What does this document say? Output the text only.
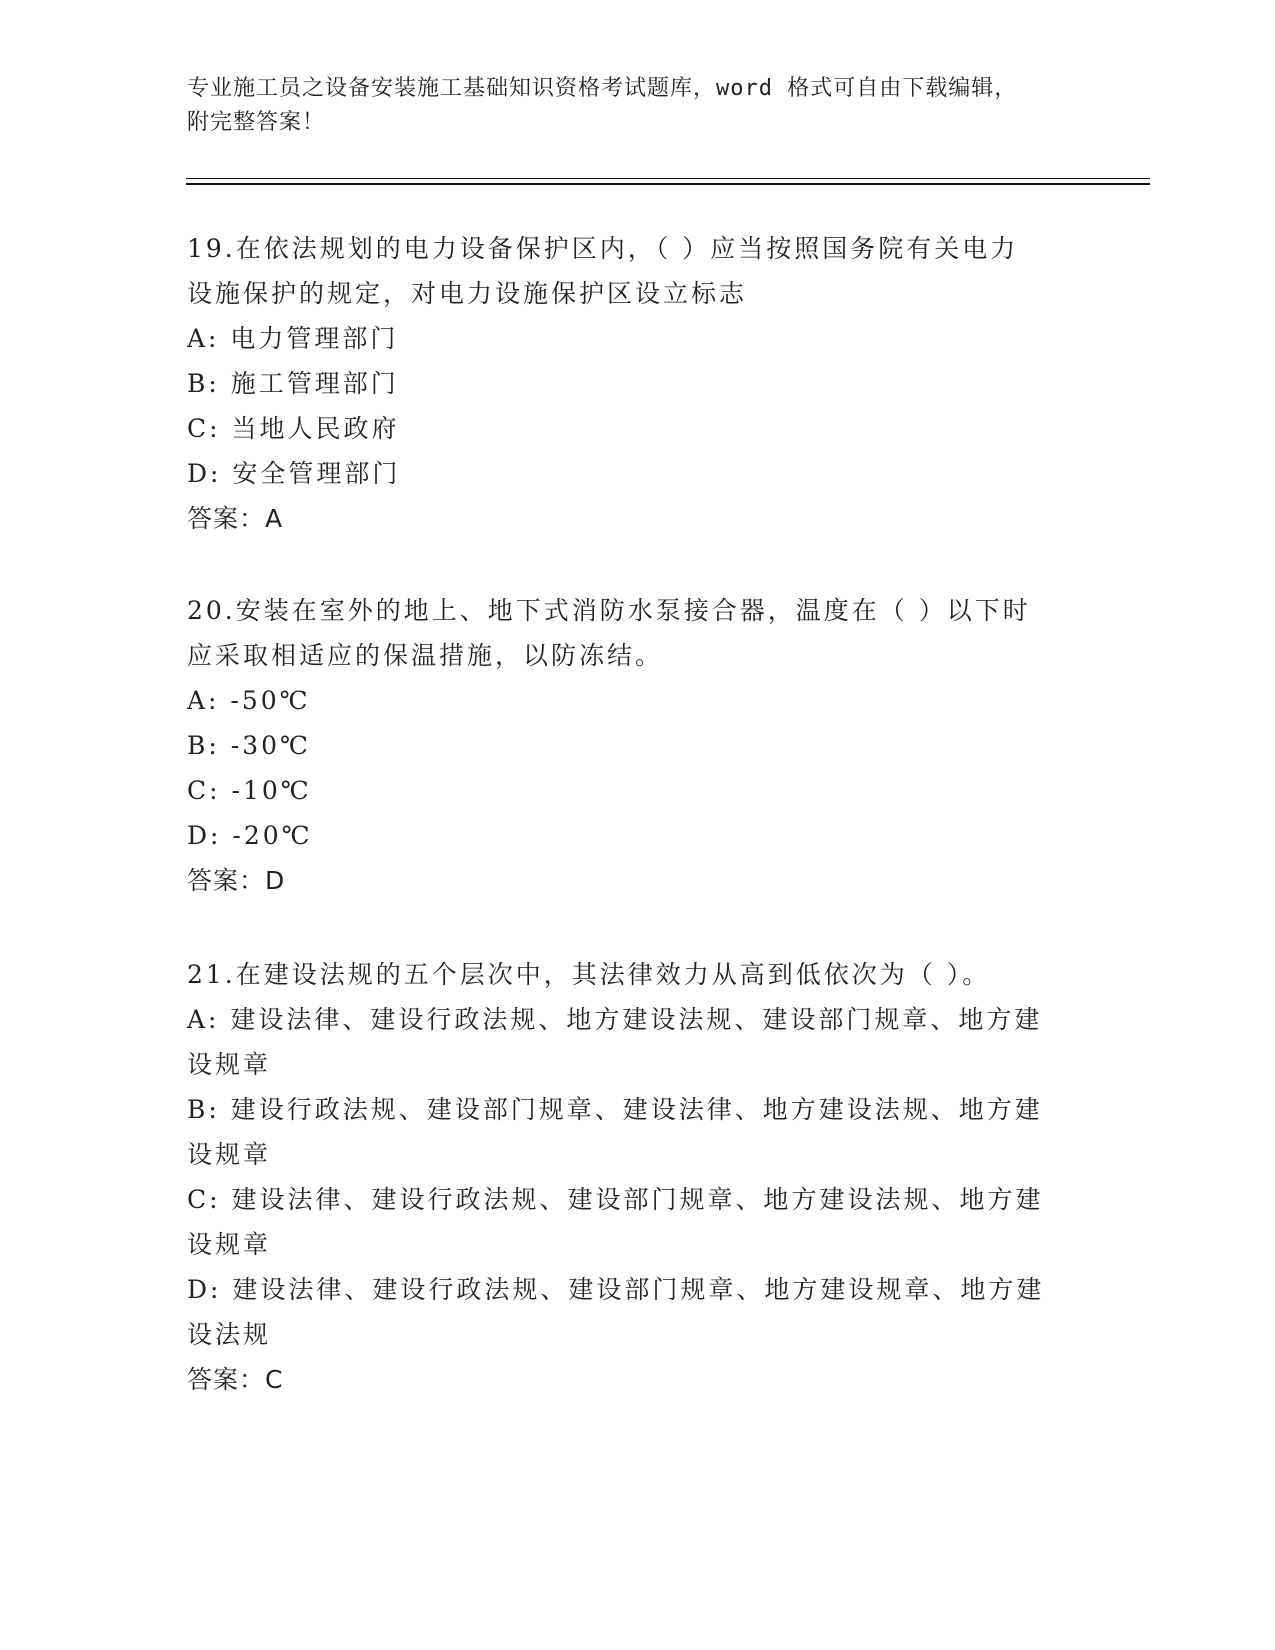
专业施工员之设备安装施工基础知识资格考试题库，word 格式可自由下载编辑，
附完整答案！
19.在依法规划的电力设备保护区内，（ ）应当按照国务院有关电力
设施保护的规定，对电力设施保护区设立标志
A: 电力管理部门
B: 施工管理部门
C: 当地人民政府
D: 安全管理部门
答案：A
20.安装在室外的地上、地下式消防水泵接合器，温度在（ ）以下时
应采取相适应的保温措施，以防冻结。
A: -50℃
B: -30℃
C: -10℃
D: -20℃
答案：D
21.在建设法规的五个层次中，其法律效力从高到低依次为（ ）。
A: 建设法律、建设行政法规、地方建设法规、建设部门规章、地方建
设规章
B: 建设行政法规、建设部门规章、建设法律、地方建设法规、地方建
设规章
C: 建设法律、建设行政法规、建设部门规章、地方建设法规、地方建
设规章
D: 建设法律、建设行政法规、建设部门规章、地方建设规章、地方建
设法规
答案：C
